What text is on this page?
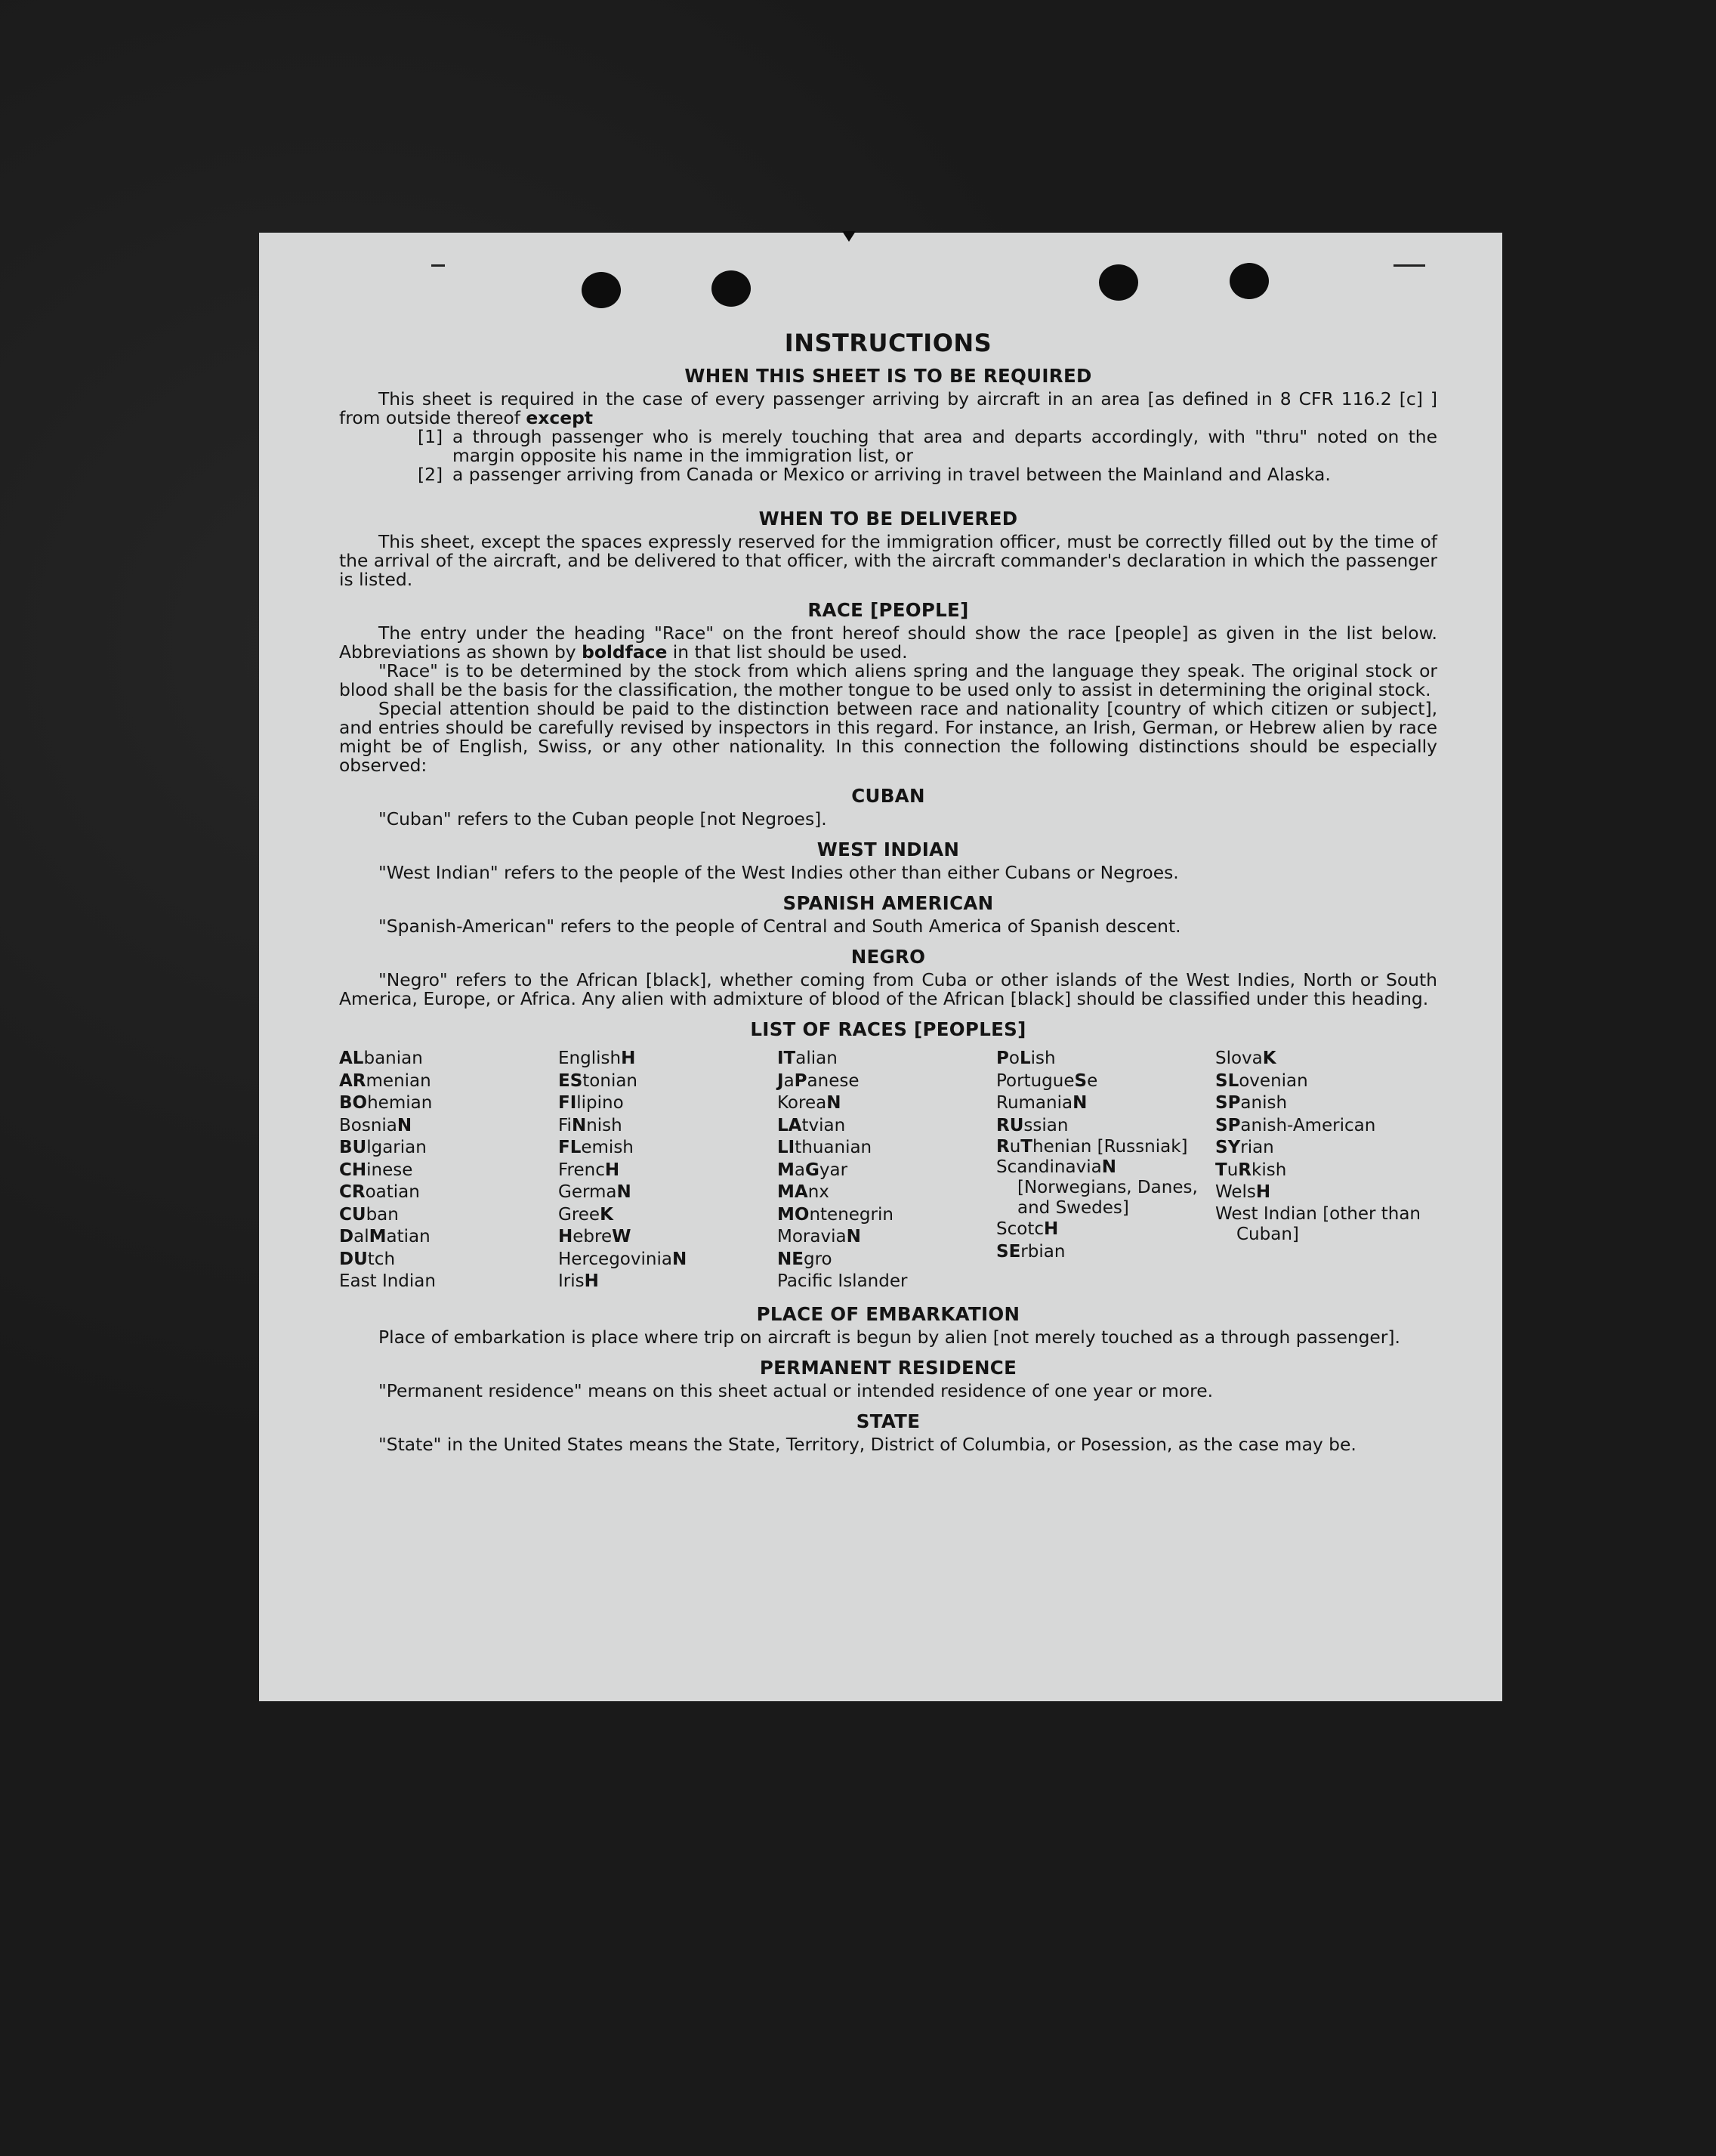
INSTRUCTIONS
WHEN THIS SHEET IS TO BE REQUIRED

This sheet is required in the case of every passenger arriving by aircraft in an area [as defined in 8 CFR 116.2 [c] ] from outside thereof except

[1] a through passenger who is merely touching that area and departs accordingly, with "thru" noted on the margin opposite his name in the immigration list, or
[2] a passenger arriving from Canada or Mexico or arriving in travel between the Mainland and Alaska.
WHEN TO BE DELIVERED

This sheet, except the spaces expressly reserved for the immigration officer, must be correctly filled out by the time of the arrival of the aircraft, and be delivered to that officer, with the aircraft commander's declaration in which the passenger is listed.

RACE [PEOPLE]

The entry under the heading "Race" on the front hereof should show the race [people] as given in the list below. Abbreviations as shown by boldface in that list should be used.

"Race" is to be determined by the stock from which aliens spring and the language they speak. The original stock or blood shall be the basis for the classification, the mother tongue to be used only to assist in determining the original stock.

Special attention should be paid to the distinction between race and nationality [country of which citizen or subject], and entries should be carefully revised by inspectors in this regard. For instance, an Irish, German, or Hebrew alien by race might be of English, Swiss, or any other nationality. In this connection the following distinctions should be especially observed:

CUBAN

"Cuban" refers to the Cuban people [not Negroes].

WEST INDIAN

"West Indian" refers to the people of the West Indies other than either Cubans or Negroes.

SPANISH AMERICAN

"Spanish-American" refers to the people of Central and South America of Spanish descent.

NEGRO

"Negro" refers to the African [black], whether coming from Cuba or other islands of the West Indies, North or South America, Europe, or Africa. Any alien with admixture of blood of the African [black] should be classified under this heading.

LIST OF RACES [PEOPLES]
ALbanian
ARmenian
BOhemian
BosniaN
BUlgarian
CHinese
CRoatian
CUban
DalMatian
DUtch
East Indian
EnglishH
EStonian
FIlipino
FiNnish
FLemish
FrencH
GermaN
GreeK
HebreW
HercegoviniaN
IrisH
ITalian
JaPanese
KoreaN
LAtvian
LIthuanian
MaGyar
MAnx
MOntenegrin
MoraviaN
NEgro
Pacific Islander
PoLish
PortugueSe
RumaniaN
RUssian
RuThenian [Russniak]
ScandinaviaN [Norwegians, Danes, and Swedes]
ScotcH
SErbian
SlovaK
SLovenian
SPanish
SPanish-American
SYrian
TuRkish
WelsH
West Indian [other than Cuban]
PLACE OF EMBARKATION

Place of embarkation is place where trip on aircraft is begun by alien [not merely touched as a through passenger].

PERMANENT RESIDENCE

"Permanent residence" means on this sheet actual or intended residence of one year or more.

STATE

"State" in the United States means the State, Territory, District of Columbia, or Posession, as the case may be.
